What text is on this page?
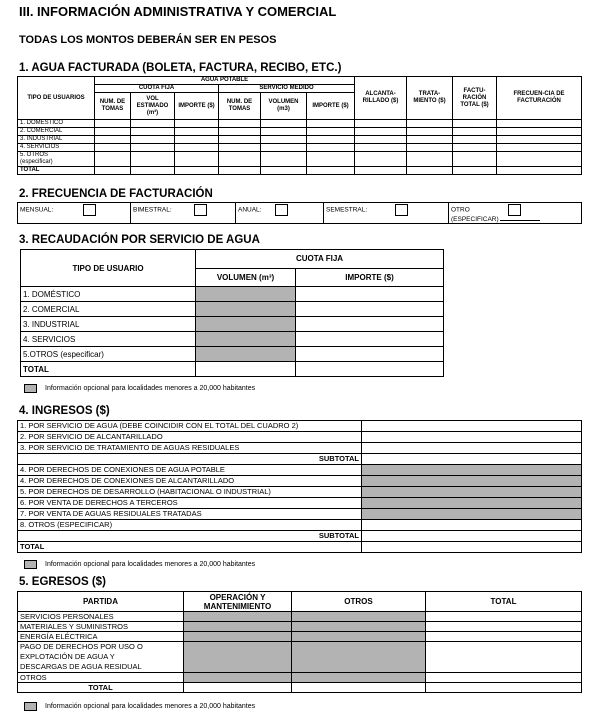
III. INFORMACIÓN ADMINISTRATIVA Y COMERCIAL
TODAS LOS MONTOS DEBERÁN SER EN PESOS
1. AGUA FACTURADA (BOLETA, FACTURA, RECIBO, ETC.)
TIPO DE USUARIOS	AGUA POTABLE						ALCANTA-RILLADO ($)	TRATA-MIENTO ($)	FACTU-RACIÓN TOTAL ($)	FRECUEN-CIA DE FACTURACIÓN
	CUOTA FIJA			SERVICIO MEDIDO						
	NUM. DE TOMAS	VOL ESTIMADO (m³)	IMPORTE ($)	NUM. DE TOMAS	VOLUMEN (m3)	IMPORTE ($)				
1. DOMÉSTICO										
2. COMERCIAL										
3. INDUSTRIAL										
4. SERVICIOS										
5. OTROS
(especificar)										
TOTAL										
2. FRECUENCIA DE FACTURACIÓN
MENSUAL:	BIMESTRAL:	ANUAL:	SEMESTRAL:	OTRO
(ESPECIFICAR)
3. RECAUDACIÓN POR SERVICIO DE AGUA
TIPO DE USUARIO	CUOTA FIJA	
	VOLUMEN (m³)	IMPORTE ($)
1. DOMÉSTICO		
2. COMERCIAL		
3. INDUSTRIAL		
4. SERVICIOS		
5.OTROS (especificar)		
TOTAL		
Información opcional para localidades menores a 20,000 habitantes
4. INGRESOS ($)
1. POR SERVICIO DE AGUA (DEBE COINCIDIR CON EL TOTAL DEL CUADRO 2)	
2. POR SERVICIO DE ALCANTARILLADO	
3. POR SERVICIO DE TRATAMIENTO DE AGUAS RESIDUALES	
SUBTOTAL	
4. POR DERECHOS DE CONEXIONES DE AGUA POTABLE	
4. POR DERECHOS DE CONEXIONES DE ALCANTARILLADO	
5. POR DERECHOS DE DESARROLLO (HABITACIONAL O INDUSTRIAL)	
6. POR VENTA DE DERECHOS A TERCEROS	
7. POR VENTA DE AGUAS RESIDUALES TRATADAS	
8. OTROS (ESPECIFICAR)	
SUBTOTAL	
TOTAL	
Información opcional para localidades menores a 20,000 habitantes
5. EGRESOS ($)
PARTIDA	OPERACIÓN Y MANTENIMIENTO	OTROS	TOTAL
SERVICIOS PERSONALES			
MATERIALES Y SUMINISTROS			
ENERGÍA ELÉCTRICA			
PAGO DE DERECHOS POR USO O
EXPLOTACIÓN DE AGUA Y
DESCARGAS DE AGUA RESIDUAL			
OTROS			
TOTAL			
Información opcional para localidades menores a 20,000 habitantes
